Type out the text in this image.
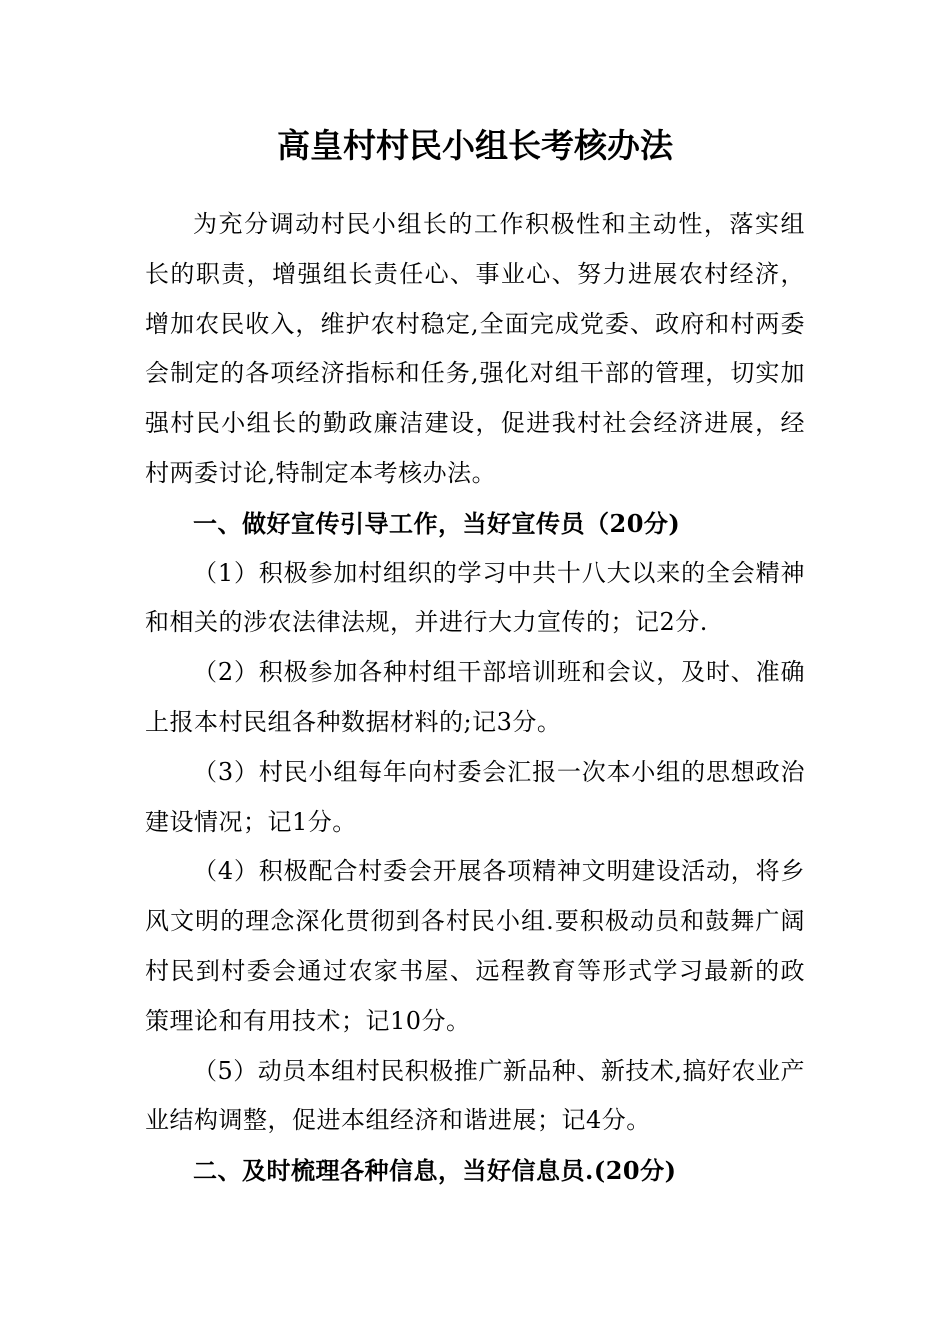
高皇村村民小组长考核办法

为充分调动村民小组长的工作积极性和主动性，落实组长的职责，增强组长责任心、事业心、努力进展农村经济，增加农民收入，维护农村稳定,全面完成党委、政府和村两委会制定的各项经济指标和任务,强化对组干部的管理，切实加强村民小组长的勤政廉洁建设，促进我村社会经济进展，经村两委讨论,特制定本考核办法。

一、做好宣传引导工作，当好宣传员（20分)

（1）积极参加村组织的学习中共十八大以来的全会精神和相关的涉农法律法规，并进行大力宣传的；记2分.

（2）积极参加各种村组干部培训班和会议，及时、准确上报本村民组各种数据材料的;记3分。

（3）村民小组每年向村委会汇报一次本小组的思想政治建设情况；记1分。

（4）积极配合村委会开展各项精神文明建设活动，将乡风文明的理念深化贯彻到各村民小组.要积极动员和鼓舞广阔村民到村委会通过农家书屋、远程教育等形式学习最新的政策理论和有用技术；记10分。

（5）动员本组村民积极推广新品种、新技术,搞好农业产业结构调整，促进本组经济和谐进展；记4分。

二、及时梳理各种信息，当好信息员.(20分)
